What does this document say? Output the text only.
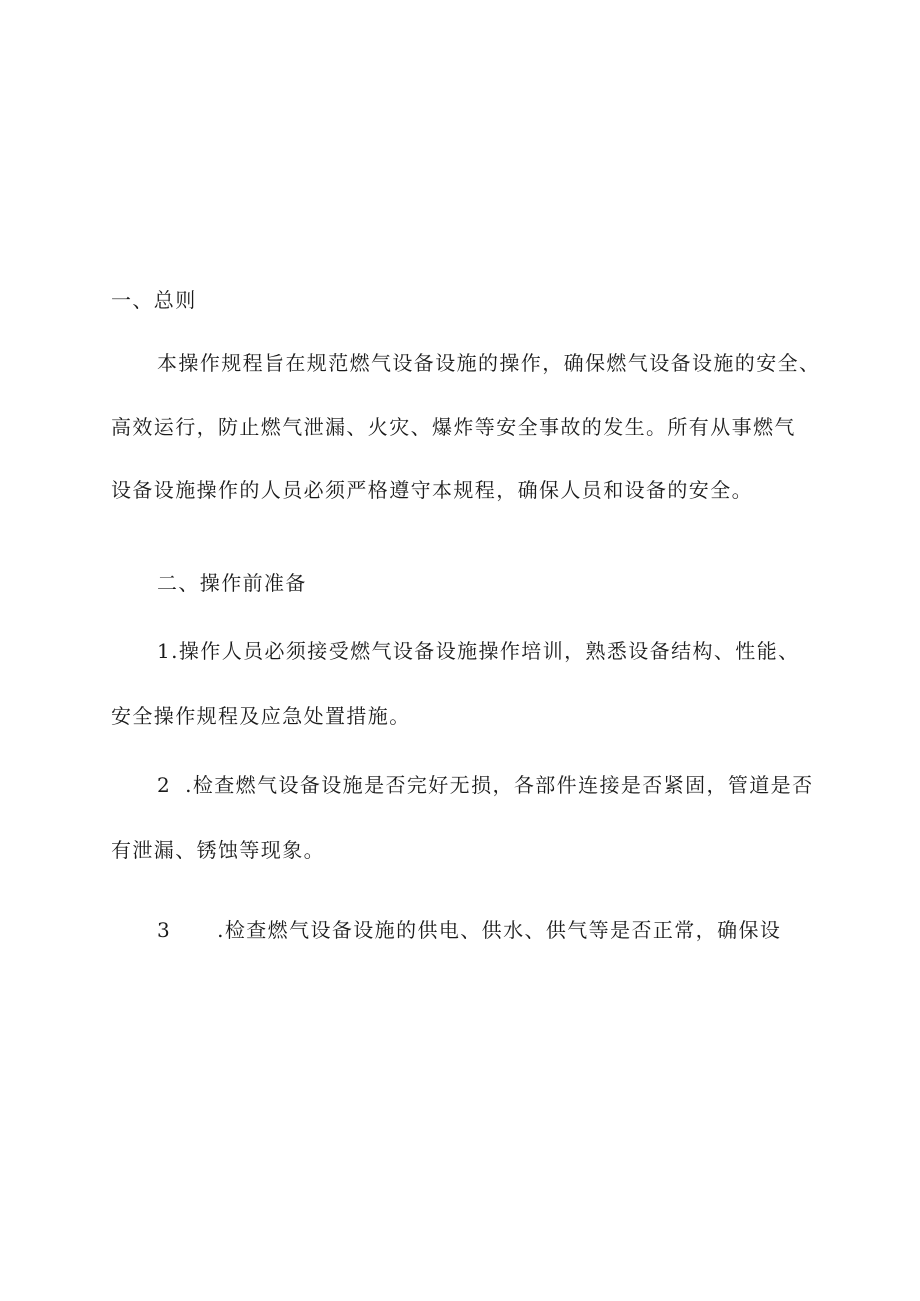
一、总则
本操作规程旨在规范燃气设备设施的操作，确保燃气设备设施的安全、
高效运行，防止燃气泄漏、火灾、爆炸等安全事故的发生。所有从事燃气
设备设施操作的人员必须严格遵守本规程，确保人员和设备的安全。
二、操作前准备
1.操作人员必须接受燃气设备设施操作培训，熟悉设备结构、性能、
安全操作规程及应急处置措施。
2 .检查燃气设备设施是否完好无损，各部件连接是否紧固，管道是否
有泄漏、锈蚀等现象。
3 .检查燃气设备设施的供电、供水、供气等是否正常，确保设
